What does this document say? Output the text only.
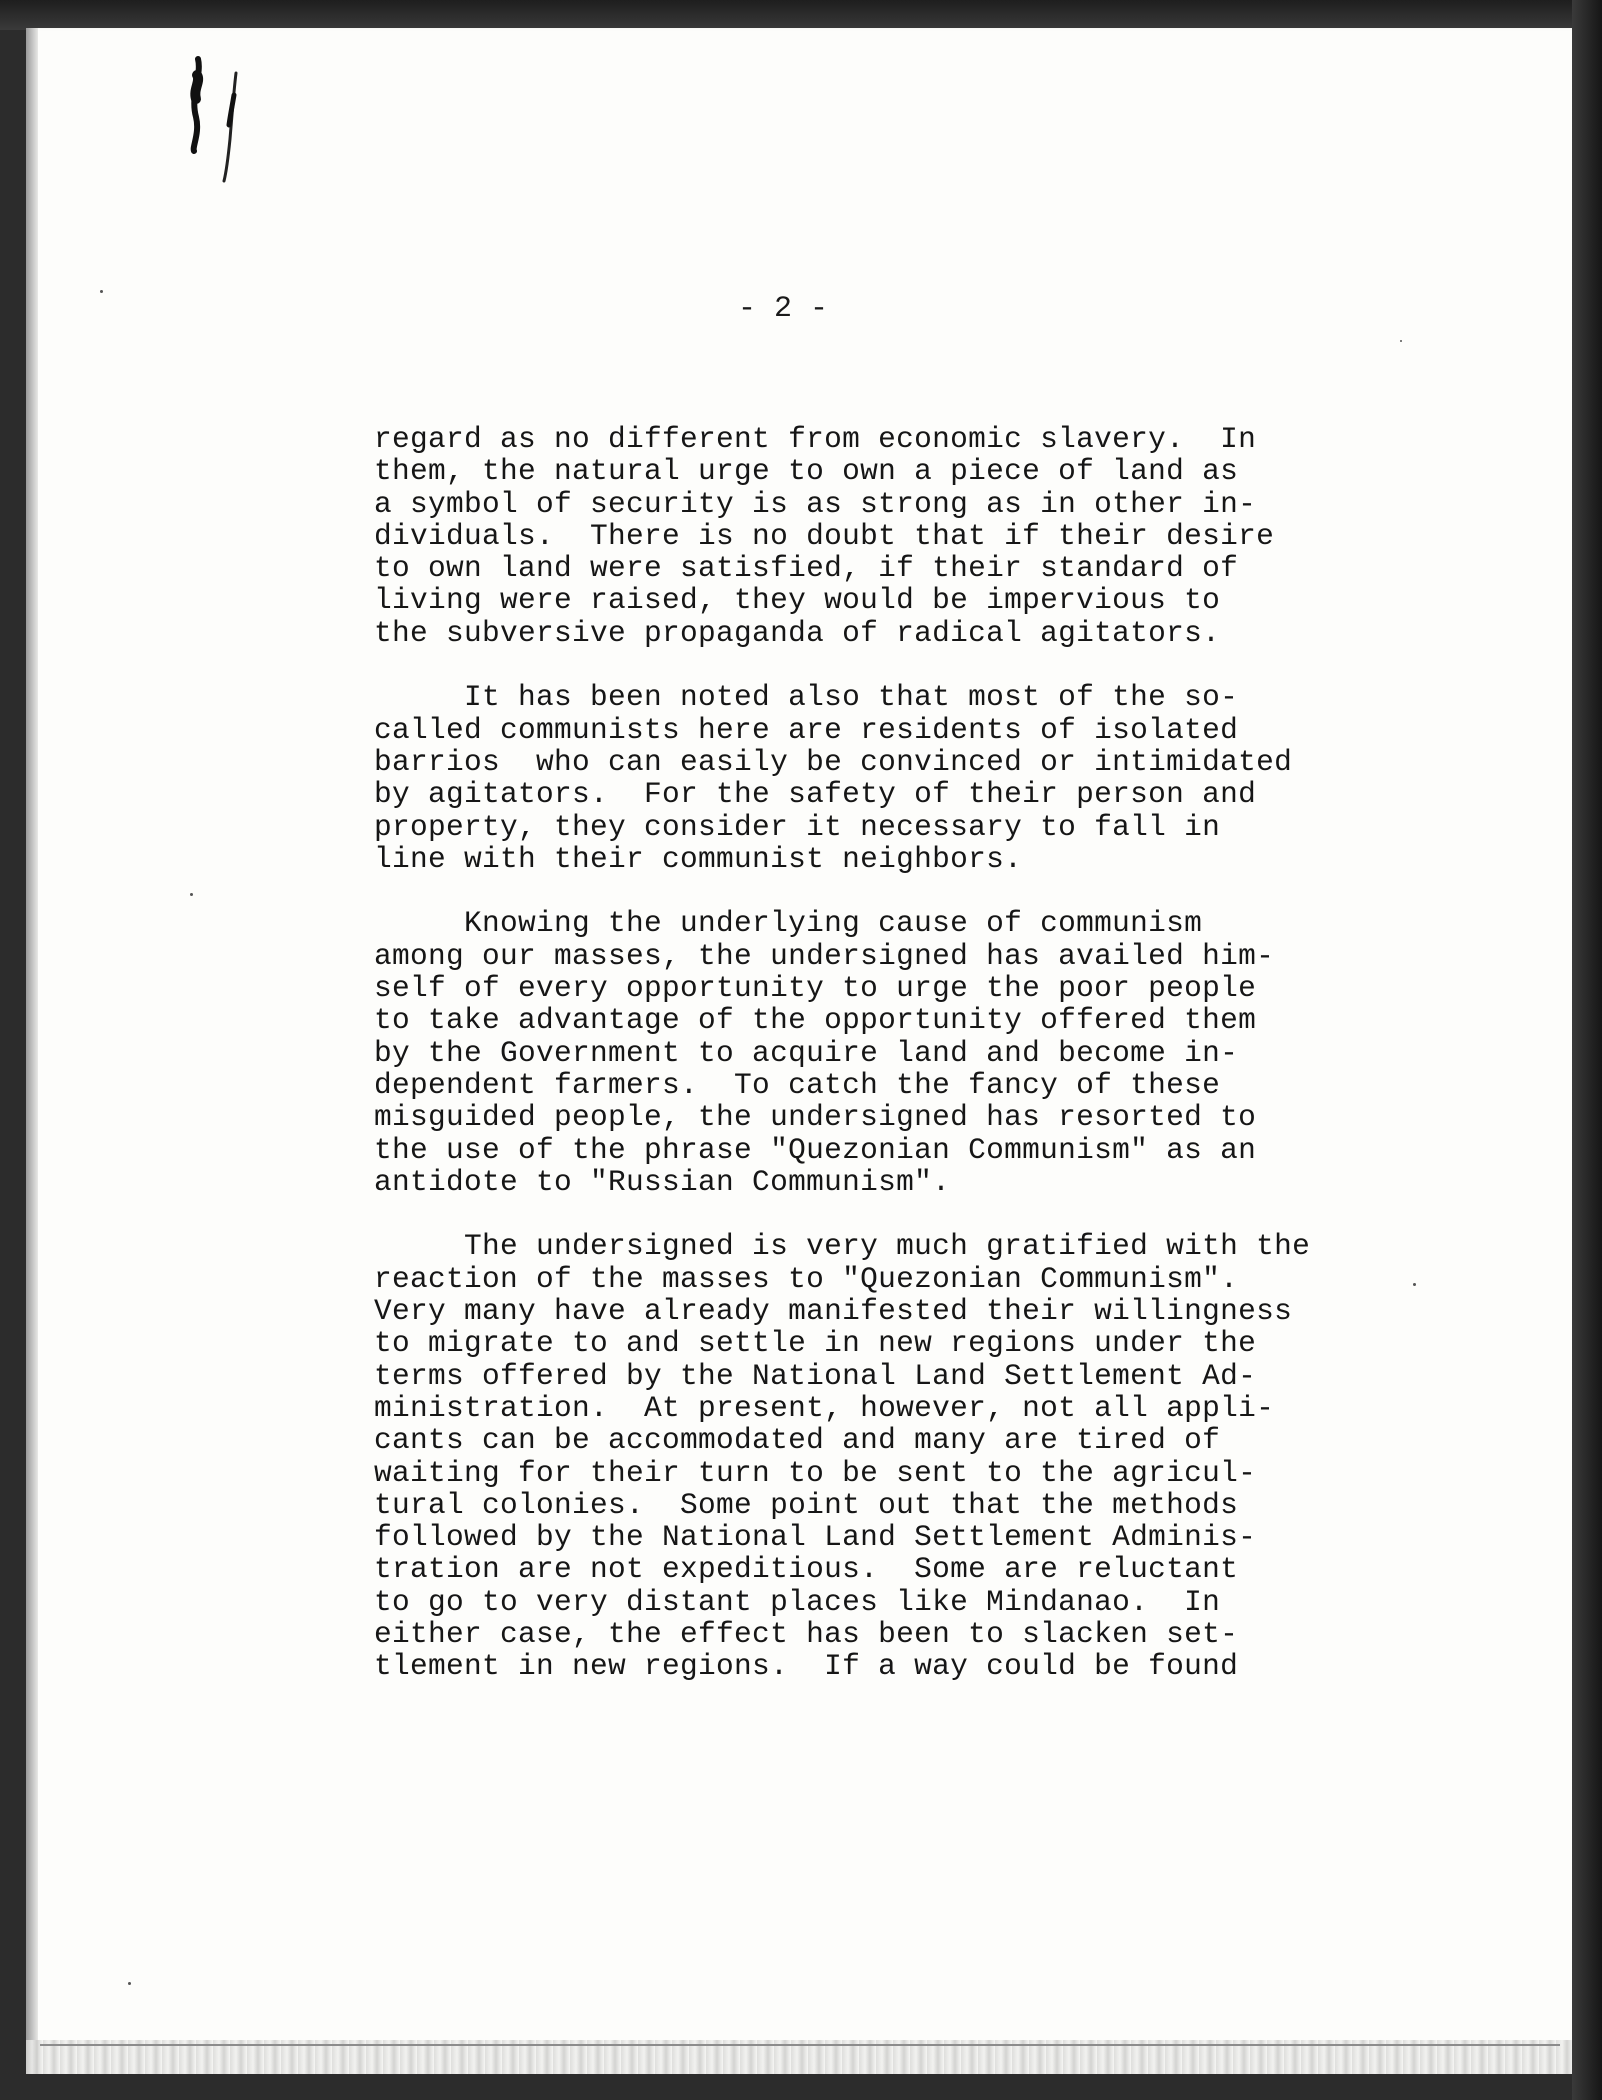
- 2 -

regard as no different from economic slavery.  In
them, the natural urge to own a piece of land as
a symbol of security is as strong as in other in-
dividuals.  There is no doubt that if their desire
to own land were satisfied, if their standard of
living were raised, they would be impervious to
the subversive propaganda of radical agitators.

It has been noted also that most of the so-
called communists here are residents of isolated
barrios  who can easily be convinced or intimidated
by agitators.  For the safety of their person and
property, they consider it necessary to fall in
line with their communist neighbors.

Knowing the underlying cause of communism
among our masses, the undersigned has availed him-
self of every opportunity to urge the poor people
to take advantage of the opportunity offered them
by the Government to acquire land and become in-
dependent farmers.  To catch the fancy of these
misguided people, the undersigned has resorted to
the use of the phrase "Quezonian Communism" as an
antidote to "Russian Communism".

The undersigned is very much gratified with the
reaction of the masses to "Quezonian Communism".
Very many have already manifested their willingness
to migrate to and settle in new regions under the
terms offered by the National Land Settlement Ad-
ministration.  At present, however, not all appli-
cants can be accommodated and many are tired of
waiting for their turn to be sent to the agricul-
tural colonies.  Some point out that the methods
followed by the National Land Settlement Adminis-
tration are not expeditious.  Some are reluctant
to go to very distant places like Mindanao.  In
either case, the effect has been to slacken set-
tlement in new regions.  If a way could be found
